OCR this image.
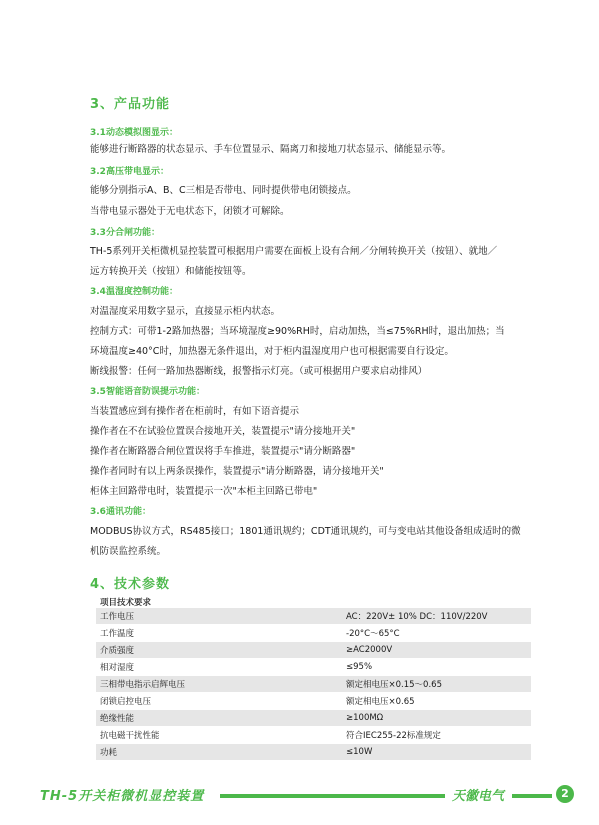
3、产品功能
3.1动态模拟图显示：
能够进行断路器的状态显示、手车位置显示、隔离刀和接地刀状态显示、储能显示等。
3.2高压带电显示：
能够分别指示A、B、C三相是否带电、同时提供带电闭锁接点。
当带电显示器处于无电状态下，闭锁才可解除。
3.3分合闸功能：
TH-5系列开关柜微机显控装置可根据用户需要在面板上设有合闸／分闸转换开关（按钮）、就地／
远方转换开关（按钮）和储能按钮等。
3.4温湿度控制功能：
对温湿度采用数字显示，直接显示柜内状态。
控制方式：可带1-2路加热器；当环境湿度≥90%RH时，启动加热，当≤75%RH时，退出加热；当
环境温度≥40°C时，加热器无条件退出，对于柜内温湿度用户也可根据需要自行设定。
断线报警：任何一路加热器断线，报警指示灯亮。（或可根据用户要求启动排风）
3.5智能语音防误提示功能：
当装置感应到有操作者在柜前时，有如下语音提示
操作者在不在试验位置误合接地开关，装置提示"请分接地开关"
操作者在断路器合闸位置误将手车推进，装置提示"请分断路器"
操作者同时有以上两条误操作，装置提示"请分断路器，请分接地开关"
柜体主回路带电时，装置提示一次"本柜主回路已带电"
3.6通讯功能：
MODBUS协议方式，RS485接口；1801通讯规约；CDT通讯规约，可与变电站其他设备组成适时的微
机防误监控系统。
4、技术参数
项目技术要求
工作电压	AC：220V± 10% DC：110V/220V
工作温度	-20°C～65°C
介质强度	≥AC2000V
相对湿度	≤95%
三相带电指示启辉电压	额定相电压×0.15～0.65
闭锁启控电压	额定相电压×0.65
绝缘性能	≥100MΩ
抗电磁干扰性能	符合IEC255-22标准规定
功耗	≤10W
TH-5开关柜微机显控装置	天徽电气	2
